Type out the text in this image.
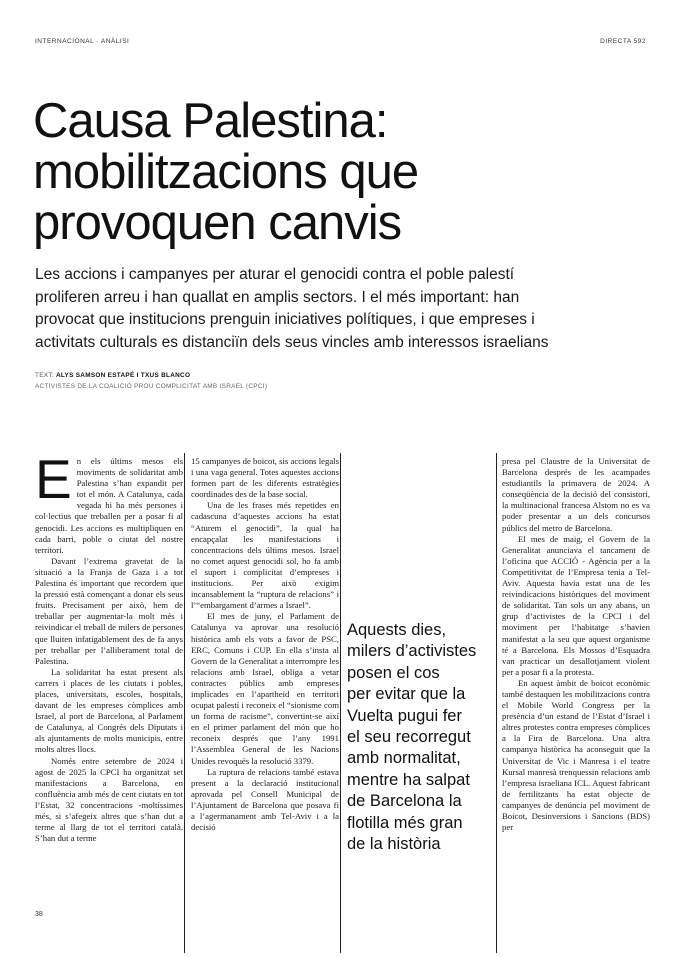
INTERNACIONAL · ANÀLISI	DIRECTA 592
Causa Palestina:
mobilitzacions que
provoquen canvis

Les accions i campanyes per aturar el genocidi contra el poble palestí
proliferen arreu i han quallat en amplis sectors. I el més important: han
provocat que institucions prenguin iniciatives polítiques, i que empreses i
activitats culturals es distanciïn dels seus vincles amb interessos israelians

TEXT: ALYS SAMSON ESTAPÉ I TXUS BLANCO
ACTIVISTES DE LA COALICIÓ PROU COMPLICITAT AMB ISRAEL (CPCI)
E n els últims mesos els moviments de solidaritat amb Palestina s’han expandit per tot el món. A Catalunya, cada vegada hi ha més persones i col·lectius que treballen per a posar fi al genocidi. Les accions es multipliquen en cada barri, poble o ciutat del nostre territori.

Davant l’extrema gravetat de la situació a la Franja de Gaza i a tot Palestina és important que recordem que la pressió està començant a donar els seus fruits. Precisament per això, hem de treballar per augmentar-la molt més i reivindicar el treball de milers de persones que lluiten infatigablement des de fa anys per treballar per l’alliberament total de Palestina.

La solidaritat ha estat present als carrers i places de les ciutats i pobles, places, universitats, escoles, hospitals, davant de les empreses còmplices amb Israel, al port de Barcelona, al Parlament de Catalunya, al Congrés dels Diputats i als ajuntaments de molts municipis, entre molts altres llocs.

Només entre setembre de 2024 i agost de 2025 la CPCI ha organitzat set manifestacions a Barcelona, en confluència amb més de cent ciutats en tot l’Estat, 32 concentracions -moltíssimes més, si s’afegeix altres que s’han dut a terme al llarg de tot el territori català. S’han dut a terme

15 campanyes de boicot, sis accions legals i una vaga general. Totes aquestes accions formen part de les diferents estratègies coordinades des de la base social.

Una de les frases més repetides en cadascuna d’aquestes accions ha estat “Aturem el genocidi”, la qual ha encapçalat les manifestacions i concentracions dels últims mesos. Israel no comet aquest genocidi sol, ho fa amb el suport i complicitat d’empreses i institucions. Per això exigim incansablement la “ruptura de relacions” i l’“embargament d’armes a Israel”.

El mes de juny, el Parlament de Catalunya va aprovar una resolució històrica amb els vots a favor de PSC, ERC, Comuns i CUP. En ella s’insta al Govern de la Generalitat a interrompre les relacions amb Israel, obliga a vetar contractes públics amb empreses implicades en l’apartheid en territori ocupat palestí i reconeix el “sionisme com un forma de racisme”, convertint-se així en el primer parlament del món que ho reconeix després que l’any 1991 l’Assemblea General de les Nacions Unides revoqués la resolució 3379.

La ruptura de relacions també estava present a la declaració institucional aprovada pel Consell Municipal de l’Ajuntament de Barcelona que posava fi a l’agermanament amb Tel-Aviv i a la decisió

Aquests dies,
milers d’activistes
posen el cos
per evitar que la
Vuelta pugui fer
el seu recorregut
amb normalitat,
mentre ha salpat
de Barcelona la
flotilla més gran
de la història

presa pel Claustre de la Universitat de Barcelona després de les acampades estudiantils la primavera de 2024. A conseqüència de la decisió del consistori, la multinacional francesa Alstom no es va poder presentar a un dels concursos públics del metro de Barcelona.

El mes de maig, el Govern de la Generalitat anunciava el tancament de l’oficina que ACCIÓ - Agència per a la Competitivitat de l’Empresa tenia a Tel-Aviv. Aquesta havia estat una de les reivindicacions històriques del moviment de solidaritat. Tan sols un any abans, un grup d’activistes de la CPCI i del moviment per l’habitatge s’havien manifestat a la seu que aquest organisme té a Barcelona. Els Mossos d’Esquadra van practicar un desallotjament violent per a posar fi a la protesta.

En aquest àmbit de boicot econòmic també destaquen les mobilitzacions contra el Mobile World Congress per la presència d’un estand de l’Estat d’Israel i altres protestes contra empreses còmplices a la Fira de Barcelona. Una altra campanya històrica ha aconseguit que la Universitat de Vic i Manresa i el teatre Kursal manresà trenquessin relacions amb l’empresa israeliana ICL. Aquest fabricant de fertilitzants ha estat objecte de campanyes de denúncia pel moviment de Boicot, Desinversions i Sancions (BDS) per

38
